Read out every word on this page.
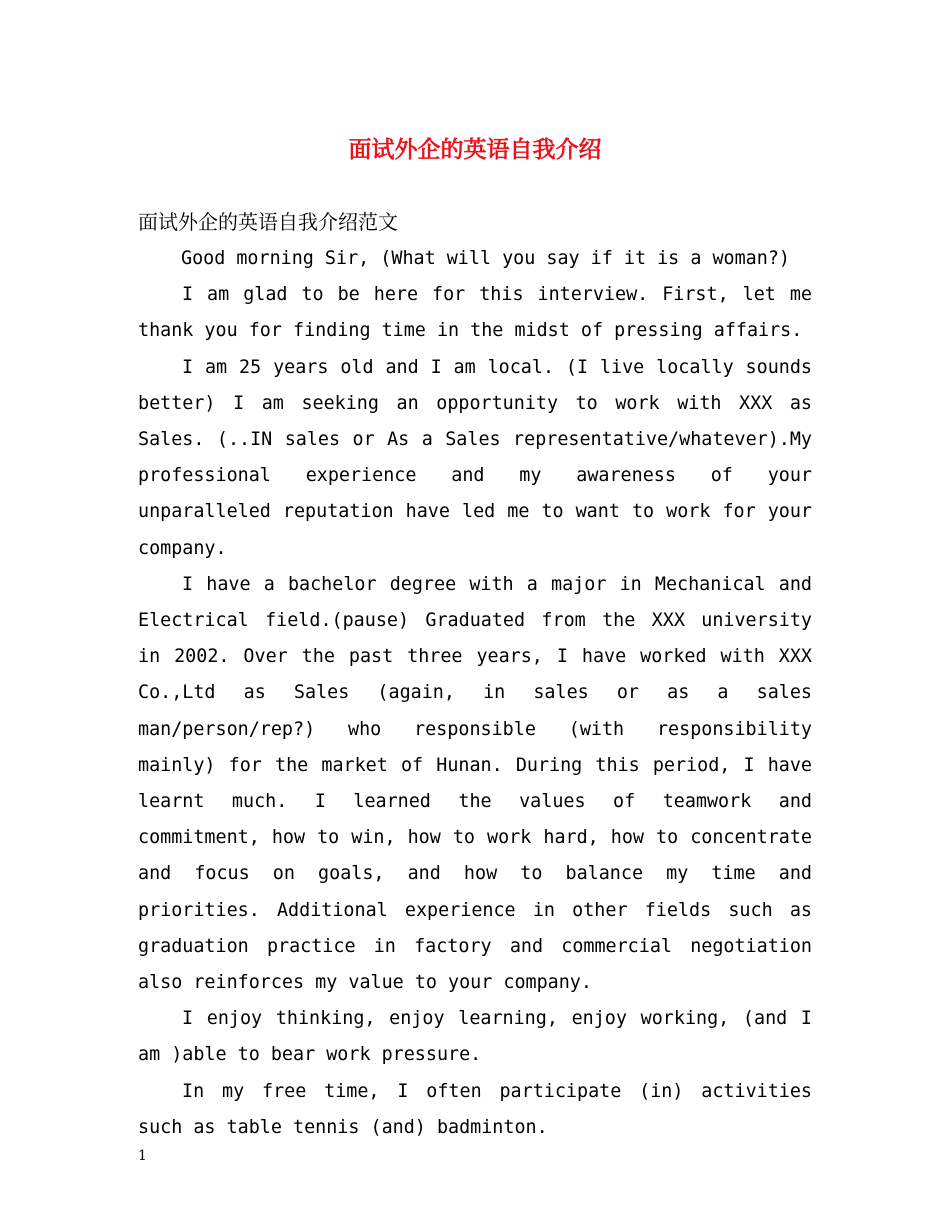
面试外企的英语自我介绍
面试外企的英语自我介绍范文

Good morning Sir, (What will you say if it is a woman?)

I am glad to be here for this interview. First, let me thank you for finding time in the midst of pressing affairs.

I am 25 years old and I am local. (I live locally sounds better) I am seeking an opportunity to work with XXX as Sales. (..IN sales or As a Sales representative/whatever).My professional experience and my awareness of your unparalleled reputation have led me to want to work for your company.

I have a bachelor degree with a major in Mechanical and Electrical field.(pause) Graduated from the XXX university in 2002. Over the past three years, I have worked with XXX Co.,Ltd as Sales (again, in sales or as a sales man/person/rep?) who responsible (with responsibility mainly) for the market of Hunan. During this period, I have learnt much. I learned the values of teamwork and commitment, how to win, how to work hard, how to concentrate and focus on goals, and how to balance my time and priorities. Additional experience in other fields such as graduation practice in factory and commercial negotiation also reinforces my value to your company.

I enjoy thinking, enjoy learning, enjoy working, (and I am )able to bear work pressure.

In my free time, I often participate (in) activities such as table tennis (and) badminton.

1
